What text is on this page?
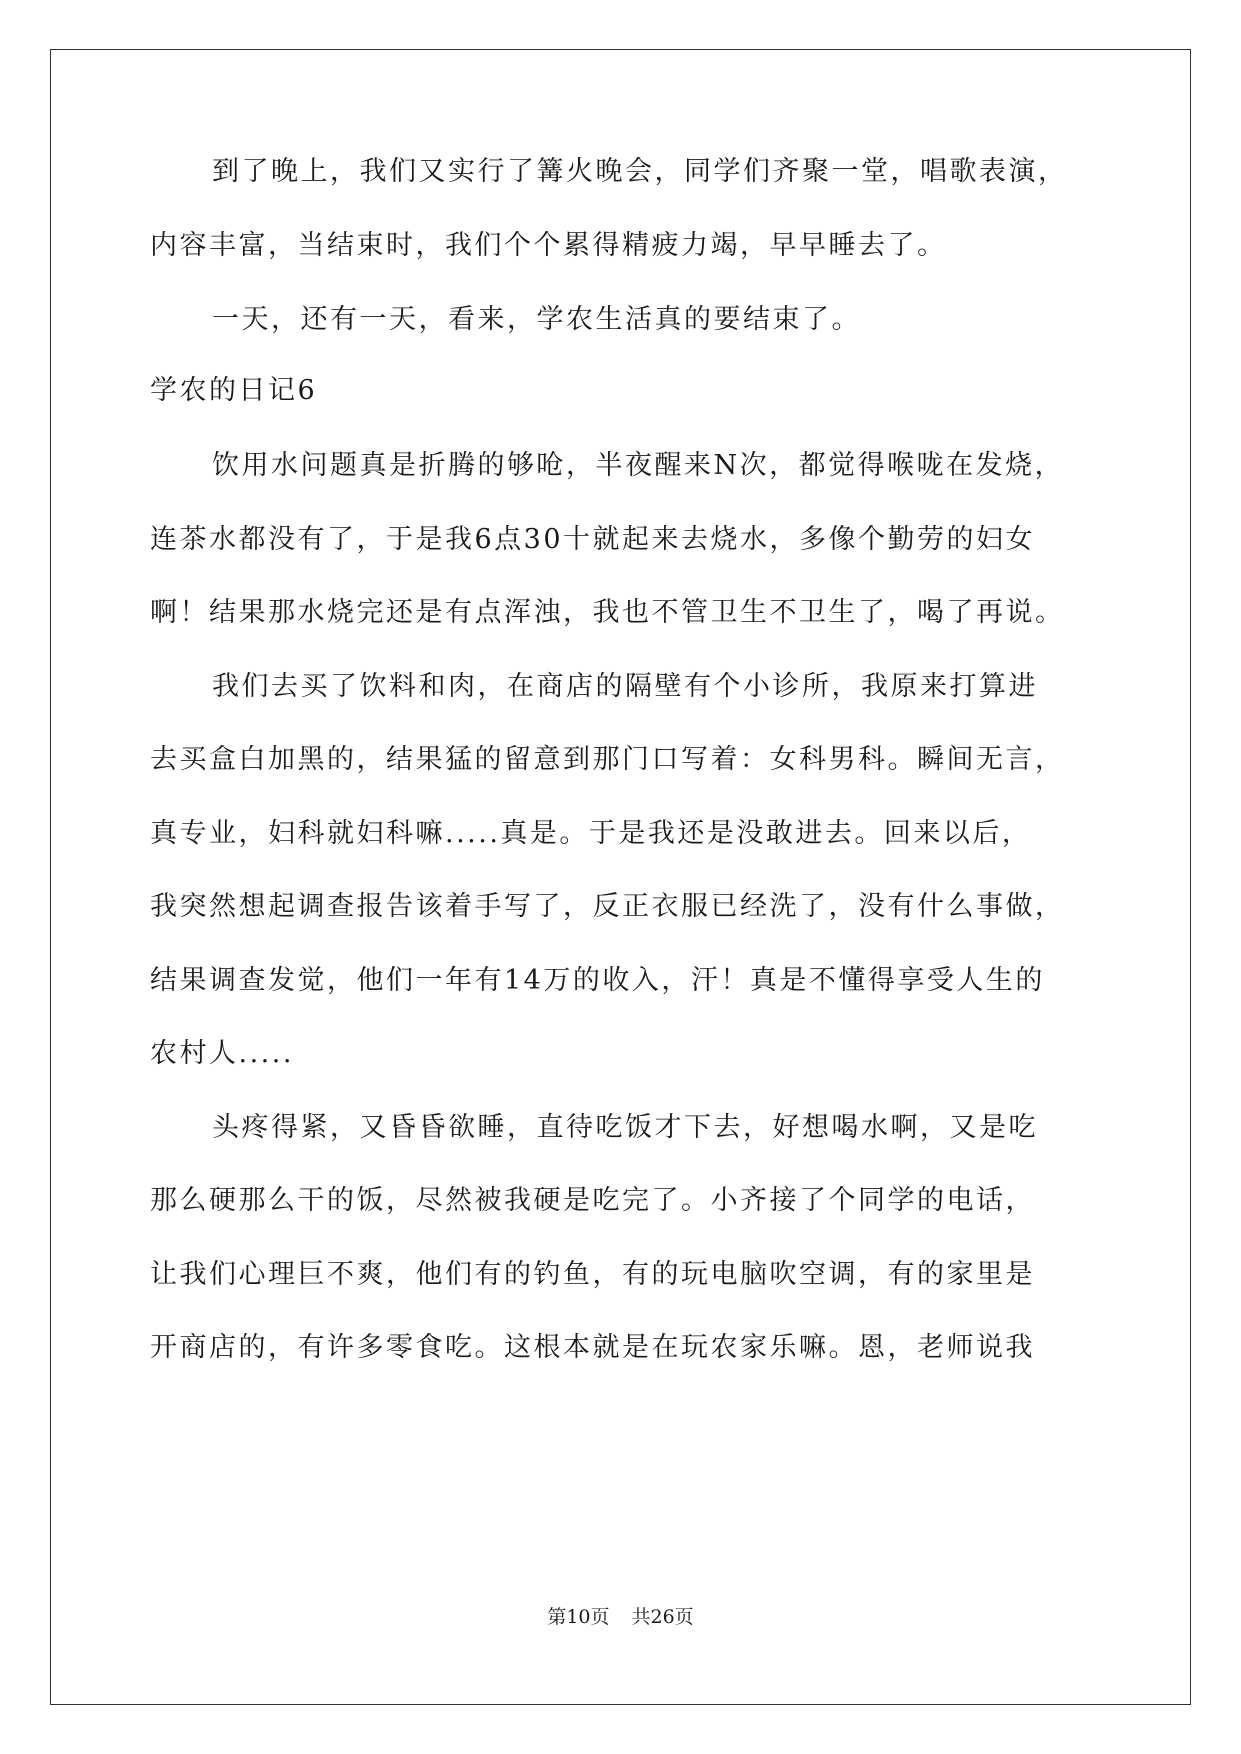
到了晚上，我们又实行了篝火晚会，同学们齐聚一堂，唱歌表演，
内容丰富，当结束时，我们个个累得精疲力竭，早早睡去了。
一天，还有一天，看来，学农生活真的要结束了。
学农的日记6
饮用水问题真是折腾的够呛，半夜醒来N次，都觉得喉咙在发烧，
连茶水都没有了，于是我6点30十就起来去烧水，多像个勤劳的妇女
啊！结果那水烧完还是有点浑浊，我也不管卫生不卫生了，喝了再说。
我们去买了饮料和肉，在商店的隔壁有个小诊所，我原来打算进
去买盒白加黑的，结果猛的留意到那门口写着：女科男科。瞬间无言，
真专业，妇科就妇科嘛.....真是。于是我还是没敢进去。回来以后，
我突然想起调查报告该着手写了，反正衣服已经洗了，没有什么事做，
结果调查发觉，他们一年有14万的收入，汗！真是不懂得享受人生的
农村人.....
头疼得紧，又昏昏欲睡，直待吃饭才下去，好想喝水啊，又是吃
那么硬那么干的饭，尽然被我硬是吃完了。小齐接了个同学的电话，
让我们心理巨不爽，他们有的钓鱼，有的玩电脑吹空调，有的家里是
开商店的，有许多零食吃。这根本就是在玩农家乐嘛。恩，老师说我
第10页 共26页
